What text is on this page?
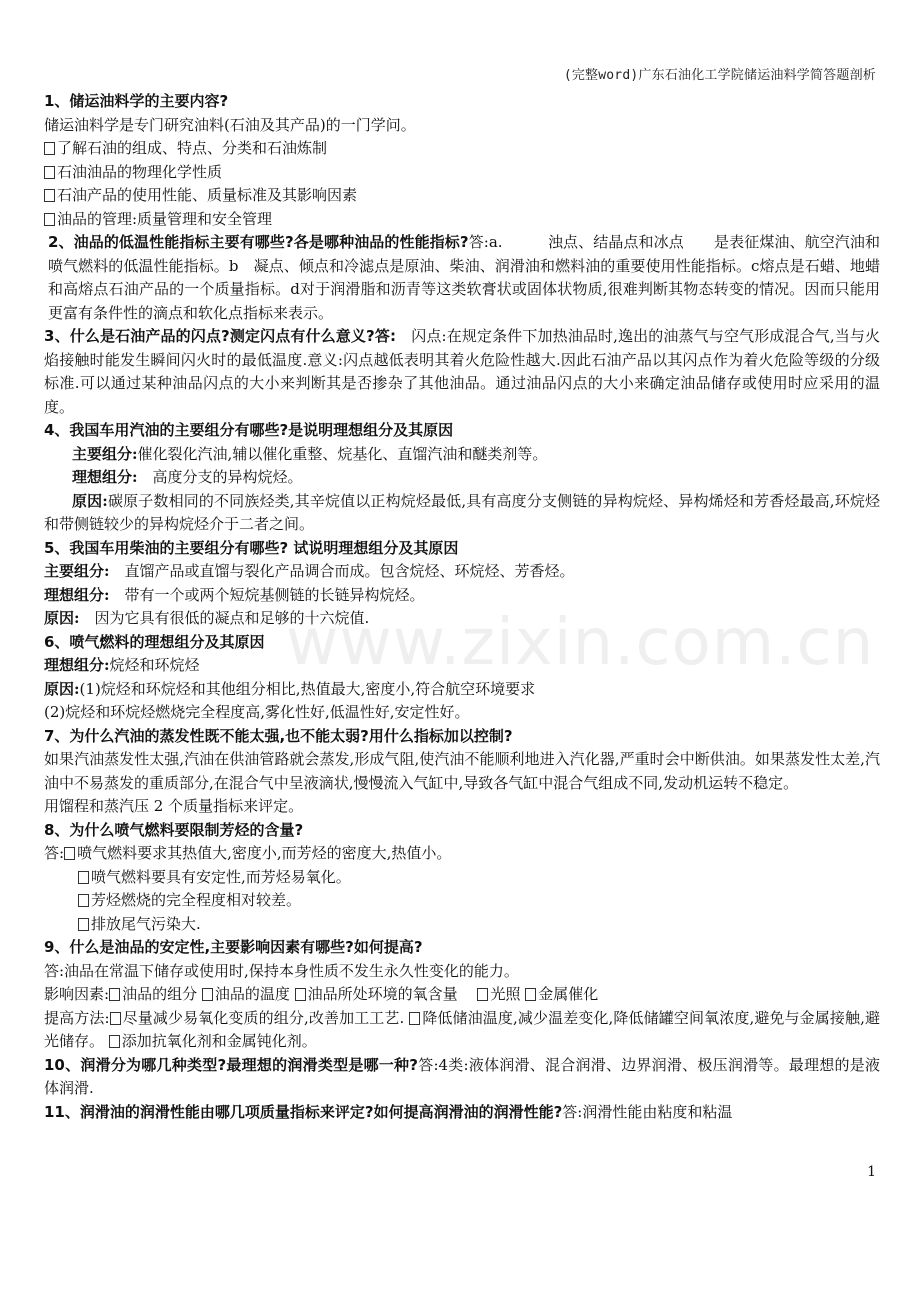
(完整word)广东石油化工学院储运油料学简答题剖析
www.zixin.com.cn

1、储运油料学的主要内容?

储运油料学是专门研究油料(石油及其产品)的一门学问。

了解石油的组成、特点、分类和石油炼制

石油油品的物理化学性质

石油产品的使用性能、质量标准及其影响因素

油品的管理:质量管理和安全管理

2、油品的低温性能指标主要有哪些?各是哪种油品的性能指标?答:a.　　　浊点、结晶点和冰点　　是表征煤油、航空汽油和喷气燃料的低温性能指标。b　凝点、倾点和冷滤点是原油、柴油、润滑油和燃料油的重要使用性能指标。c熔点是石蜡、地蜡和高熔点石油产品的一个质量指标。d对于润滑脂和沥青等这类软膏状或固体状物质,很难判断其物态转变的情况。因而只能用更富有条件性的滴点和软化点指标来表示。

3、什么是石油产品的闪点?测定闪点有什么意义?答:　闪点:在规定条件下加热油品时,逸出的油蒸气与空气形成混合气,当与火焰接触时能发生瞬间闪火时的最低温度.意义:闪点越低表明其着火危险性越大.因此石油产品以其闪点作为着火危险等级的分级标准.可以通过某种油品闪点的大小来判断其是否掺杂了其他油品。通过油品闪点的大小来确定油品储存或使用时应采用的温度。

4、我国车用汽油的主要组分有哪些?是说明理想组分及其原因

主要组分:催化裂化汽油,辅以催化重整、烷基化、直馏汽油和醚类剂等。

理想组分:　高度分支的异构烷烃。

原因:碳原子数相同的不同族烃类,其辛烷值以正构烷烃最低,具有高度分支侧链的异构烷烃、异构烯烃和芳香烃最高,环烷烃和带侧链较少的异构烷烃介于二者之间。

5、我国车用柴油的主要组分有哪些? 试说明理想组分及其原因

主要组分:　直馏产品或直馏与裂化产品调合而成。包含烷烃、环烷烃、芳香烃。

理想组分:　带有一个或两个短烷基侧链的长链异构烷烃。

原因:　因为它具有很低的凝点和足够的十六烷值.

6、喷气燃料的理想组分及其原因

理想组分:烷烃和环烷烃

原因:(1)烷烃和环烷烃和其他组分相比,热值最大,密度小,符合航空环境要求

(2)烷烃和环烷烃燃烧完全程度高,雾化性好,低温性好,安定性好。

7、为什么汽油的蒸发性既不能太强,也不能太弱?用什么指标加以控制?

如果汽油蒸发性太强,汽油在供油管路就会蒸发,形成气阻,使汽油不能顺利地进入汽化器,严重时会中断供油。如果蒸发性太差,汽油中不易蒸发的重质部分,在混合气中呈液滴状,慢慢流入气缸中,导致各气缸中混合气组成不同,发动机运转不稳定。

用馏程和蒸汽压 2 个质量指标来评定。

8、为什么喷气燃料要限制芳烃的含量?

答: 喷气燃料要求其热值大,密度小,而芳烃的密度大,热值小。

喷气燃料要具有安定性,而芳烃易氧化。

芳烃燃烧的完全程度相对较差。

排放尾气污染大.

9、什么是油品的安定性,主要影响因素有哪些?如何提高?

答:油品在常温下储存或使用时,保持本身性质不发生永久性变化的能力。

影响因素: 油品的组分 油品的温度 油品所处环境的氧含量　 光照 金属催化

提高方法: 尽量减少易氧化变质的组分,改善加工工艺. 降低储油温度,减少温差变化,降低储罐空间氧浓度,避免与金属接触,避光储存。 添加抗氧化剂和金属钝化剂。

10、润滑分为哪几种类型?最理想的润滑类型是哪一种?答:4类:液体润滑、混合润滑、边界润滑、极压润滑等。最理想的是液体润滑.

11、润滑油的润滑性能由哪几项质量指标来评定?如何提高润滑油的润滑性能?答:润滑性能由粘度和粘温

1
